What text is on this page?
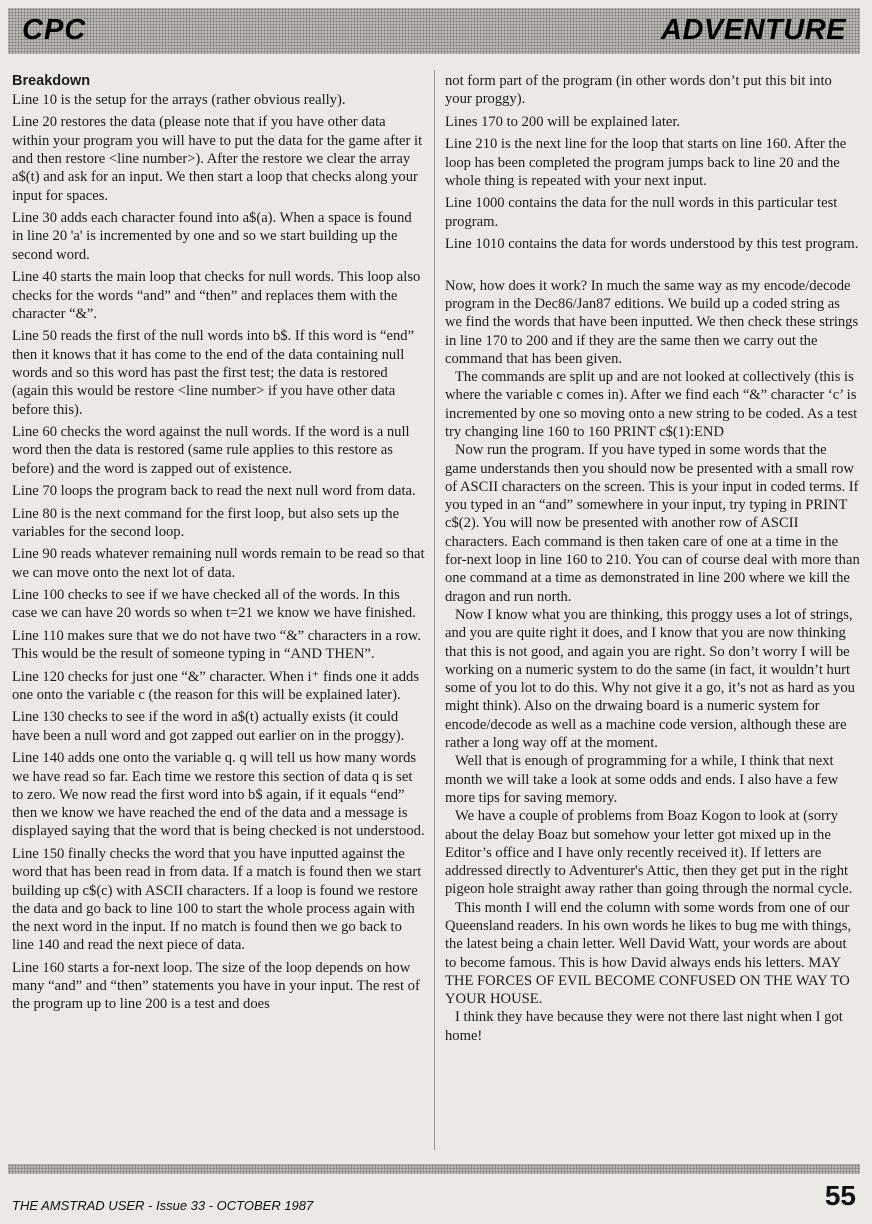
CPC	ADVENTURE
Breakdown

Line 10 is the setup for the arrays (rather obvious really).

Line 20 restores the data (please note that if you have other data within your program you will have to put the data for the game after it and then restore <line number>). After the restore we clear the array a$(t) and ask for an input. We then start a loop that checks along your input for spaces.

Line 30 adds each character found into a$(a). When a space is found in line 20 'a' is incremented by one and so we start building up the second word.

Line 40 starts the main loop that checks for null words. This loop also checks for the words “and” and “then” and replaces them with the character “&”.

Line 50 reads the first of the null words into b$. If this word is “end” then it knows that it has come to the end of the data containing null words and so this word has past the first test; the data is restored (again this would be restore <line number> if you have other data before this).

Line 60 checks the word against the null words. If the word is a null word then the data is restored (same rule applies to this restore as before) and the word is zapped out of existence.

Line 70 loops the program back to read the next null word from data.

Line 80 is the next command for the first loop, but also sets up the variables for the second loop.

Line 90 reads whatever remaining null words remain to be read so that we can move onto the next lot of data.

Line 100 checks to see if we have checked all of the words. In this case we can have 20 words so when t=21 we know we have finished.

Line 110 makes sure that we do not have two “&” characters in a row. This would be the result of someone typing in “AND THEN”.

Line 120 checks for just one “&” character. When i⁺ finds one it adds one onto the variable c (the reason for this will be explained later).

Line 130 checks to see if the word in a$(t) actually exists (it could have been a null word and got zapped out earlier on in the proggy).

Line 140 adds one onto the variable q. q will tell us how many words we have read so far. Each time we restore this section of data q is set to zero. We now read the first word into b$ again, if it equals “end” then we know we have reached the end of the data and a message is displayed saying that the word that is being checked is not understood.

Line 150 finally checks the word that you have inputted against the word that has been read in from data. If a match is found then we start building up c$(c) with ASCII characters. If a loop is found we restore the data and go back to line 100 to start the whole process again with the next word in the input. If no match is found then we go back to line 140 and read the next piece of data.

Line 160 starts a for-next loop. The size of the loop depends on how many “and” and “then” statements you have in your input. The rest of the program up to line 200 is a test and does

not form part of the program (in other words don’t put this bit into your proggy).

Lines 170 to 200 will be explained later.

Line 210 is the next line for the loop that starts on line 160. After the loop has been completed the program jumps back to line 20 and the whole thing is repeated with your next input.

Line 1000 contains the data for the null words in this particular test program.

Line 1010 contains the data for words understood by this test program.

Now, how does it work? In much the same way as my encode/decode program in the Dec86/Jan87 editions. We build up a coded string as we find the words that have been inputted. We then check these strings in line 170 to 200 and if they are the same then we carry out the command that has been given.

The commands are split up and are not looked at collectively (this is where the variable c comes in). After we find each “&” character ‘c’ is incremented by one so moving onto a new string to be coded. As a test try changing line 160 to 160 PRINT c$(1):END

Now run the program. If you have typed in some words that the game understands then you should now be presented with a small row of ASCII characters on the screen. This is your input in coded terms. If you typed in an “and” somewhere in your input, try typing in PRINT c$(2). You will now be presented with another row of ASCII characters. Each command is then taken care of one at a time in the for-next loop in line 160 to 210. You can of course deal with more than one command at a time as demonstrated in line 200 where we kill the dragon and run north.

Now I know what you are thinking, this proggy uses a lot of strings, and you are quite right it does, and I know that you are now thinking that this is not good, and again you are right. So don’t worry I will be working on a numeric system to do the same (in fact, it wouldn’t hurt some of you lot to do this. Why not give it a go, it’s not as hard as you might think). Also on the drwaing board is a numeric system for encode/decode as well as a machine code version, although these are rather a long way off at the moment.

Well that is enough of programming for a while, I think that next month we will take a look at some odds and ends. I also have a few more tips for saving memory.

We have a couple of problems from Boaz Kogon to look at (sorry about the delay Boaz but somehow your letter got mixed up in the Editor’s office and I have only recently received it). If letters are addressed directly to Adventurer's Attic, then they get put in the right pigeon hole straight away rather than going through the normal cycle.

This month I will end the column with some words from one of our Queensland readers. In his own words he likes to bug me with things, the latest being a chain letter. Well David Watt, your words are about to become famous. This is how David always ends his letters. MAY THE FORCES OF EVIL BECOME CONFUSED ON THE WAY TO YOUR HOUSE.

I think they have because they were not there last night when I got home!

THE AMSTRAD USER - Issue 33 - OCTOBER 1987	55
